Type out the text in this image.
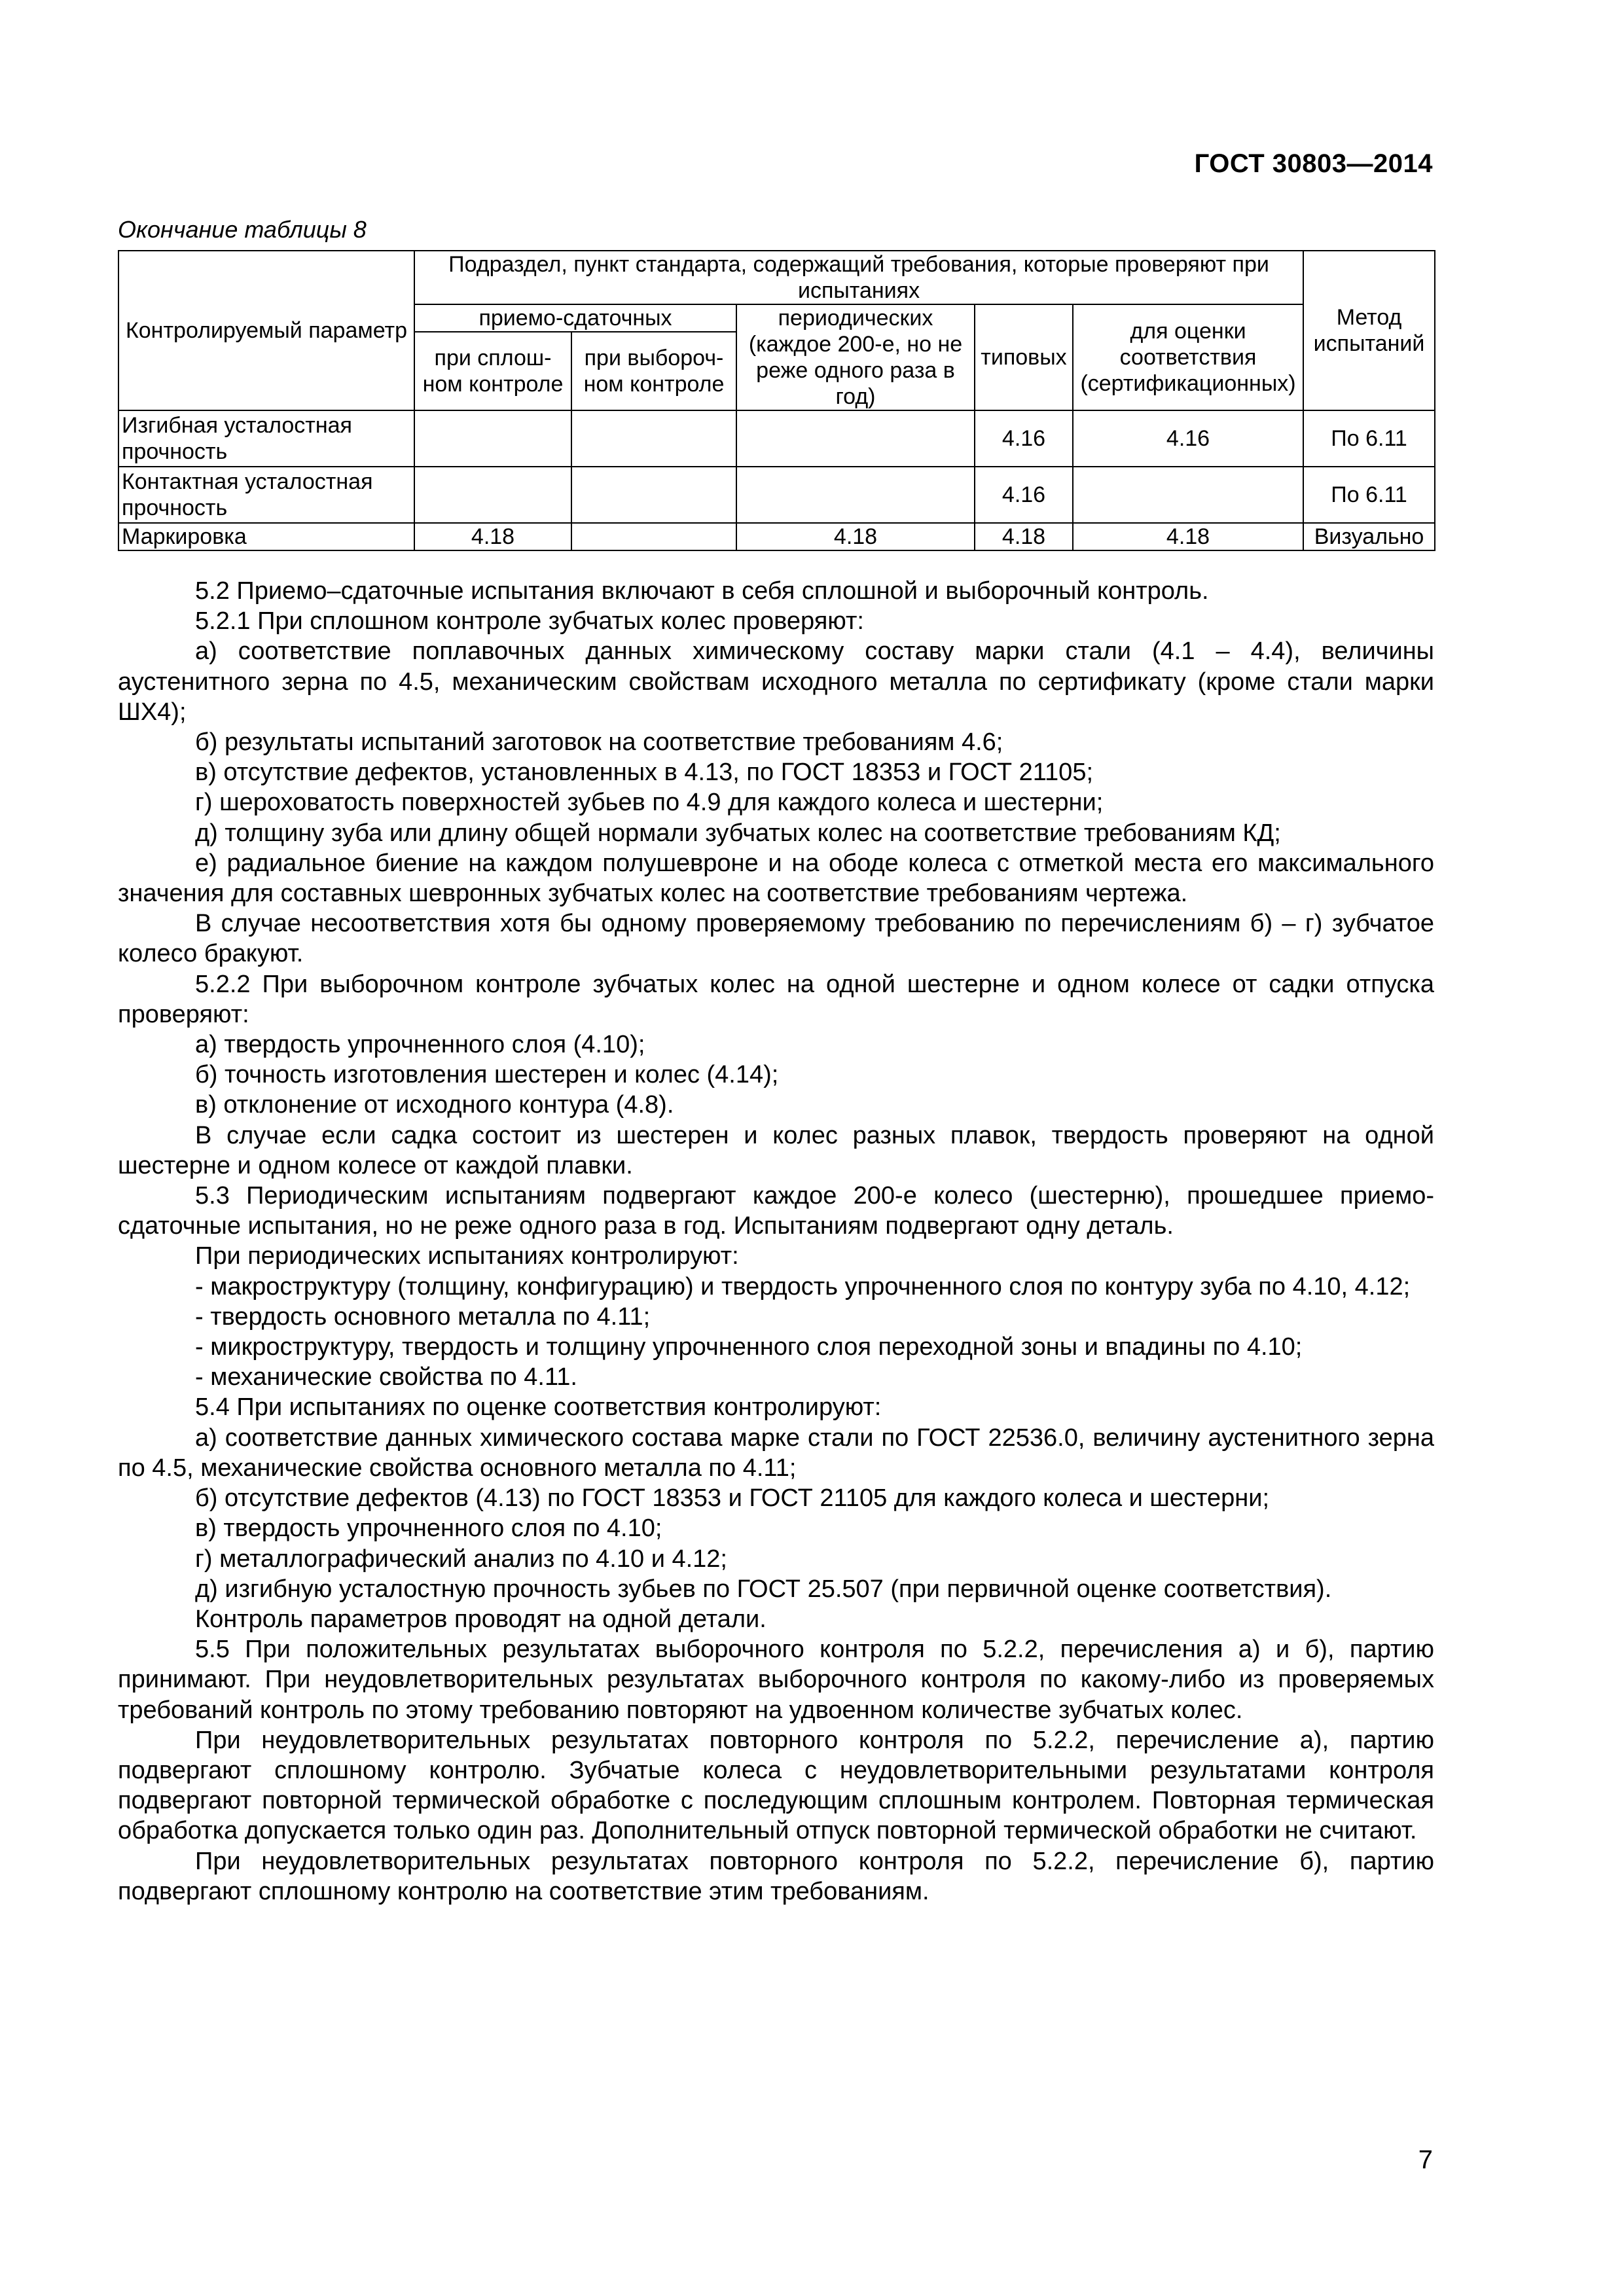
ГОСТ 30803—2014
Окончание таблицы 8
Контролируемый параметр	Подраздел, пункт стандарта, содержащий требования, которые проверяют при испытаниях					Метод испытаний
	приемо-сдаточных		периодических (каждое 200-е, но не реже одного раза в год)	типовых	для оценки соответствия (сертификационных)	
	при сплош-ном контроле	при выбороч-ном контроле				
Изгибная усталостная прочность				4.16	4.16	По 6.11
Контактная усталостная прочность				4.16		По 6.11
Маркировка	4.18		4.18	4.18	4.18	Визуально

5.2 Приемо–сдаточные испытания включают в себя сплошной и выборочный контроль.

5.2.1 При сплошном контроле зубчатых колес проверяют:

а) соответствие поплавочных данных химическому составу марки стали (4.1 – 4.4), величины аустенитного зерна по 4.5, механическим свойствам исходного металла по сертификату (кроме стали марки ШХ4);

б) результаты испытаний заготовок на соответствие требованиям 4.6;

в) отсутствие дефектов, установленных в 4.13, по ГОСТ 18353 и ГОСТ 21105;

г) шероховатость поверхностей зубьев по 4.9 для каждого колеса и шестерни;

д) толщину зуба или длину общей нормали зубчатых колес на соответствие требованиям КД;

е) радиальное биение на каждом полушевроне и на ободе колеса с отметкой места его максимального значения для составных шевронных зубчатых колес на соответствие требованиям чертежа.

В случае несоответствия хотя бы одному проверяемому требованию по перечислениям б) – г) зубчатое колесо бракуют.

5.2.2 При выборочном контроле зубчатых колес на одной шестерне и одном колесе от садки отпуска проверяют:

а) твердость упрочненного слоя (4.10);

б) точность изготовления шестерен и колес (4.14);

в) отклонение от исходного контура (4.8).

В случае если садка состоит из шестерен и колес разных плавок, твердость проверяют на одной шестерне и одном колесе от каждой плавки.

5.3 Периодическим испытаниям подвергают каждое 200-е колесо (шестерню), прошедшее приемо-сдаточные испытания, но не реже одного раза в год. Испытаниям подвергают одну деталь.

При периодических испытаниях контролируют:

- макроструктуру (толщину, конфигурацию) и твердость упрочненного слоя по контуру зуба по 4.10, 4.12;

- твердость основного металла по 4.11;

- микроструктуру, твердость и толщину упрочненного слоя переходной зоны и впадины по 4.10;

- механические свойства по 4.11.

5.4 При испытаниях по оценке соответствия контролируют:

а) соответствие данных химического состава марке стали по ГОСТ 22536.0, величину аустенитного зерна по 4.5, механические свойства основного металла по 4.11;

б) отсутствие дефектов (4.13) по ГОСТ 18353 и ГОСТ 21105 для каждого колеса и шестерни;

в) твердость упрочненного слоя по 4.10;

г) металлографический анализ по 4.10 и 4.12;

д) изгибную усталостную прочность зубьев по ГОСТ 25.507 (при первичной оценке соответствия).

Контроль параметров проводят на одной детали.

5.5 При положительных результатах выборочного контроля по 5.2.2, перечисления а) и б), партию принимают. При неудовлетворительных результатах выборочного контроля по какому-либо из проверяемых требований контроль по этому требованию повторяют на удвоенном количестве зубчатых колес.

При неудовлетворительных результатах повторного контроля по 5.2.2, перечисление а), партию подвергают сплошному контролю. Зубчатые колеса с неудовлетворительными результатами контроля подвергают повторной термической обработке с последующим сплошным контролем. Повторная термическая обработка допускается только один раз. Дополнительный отпуск повторной термической обработки не считают.

При неудовлетворительных результатах повторного контроля по 5.2.2, перечисление б), партию подвергают сплошному контролю на соответствие этим требованиям.

7
